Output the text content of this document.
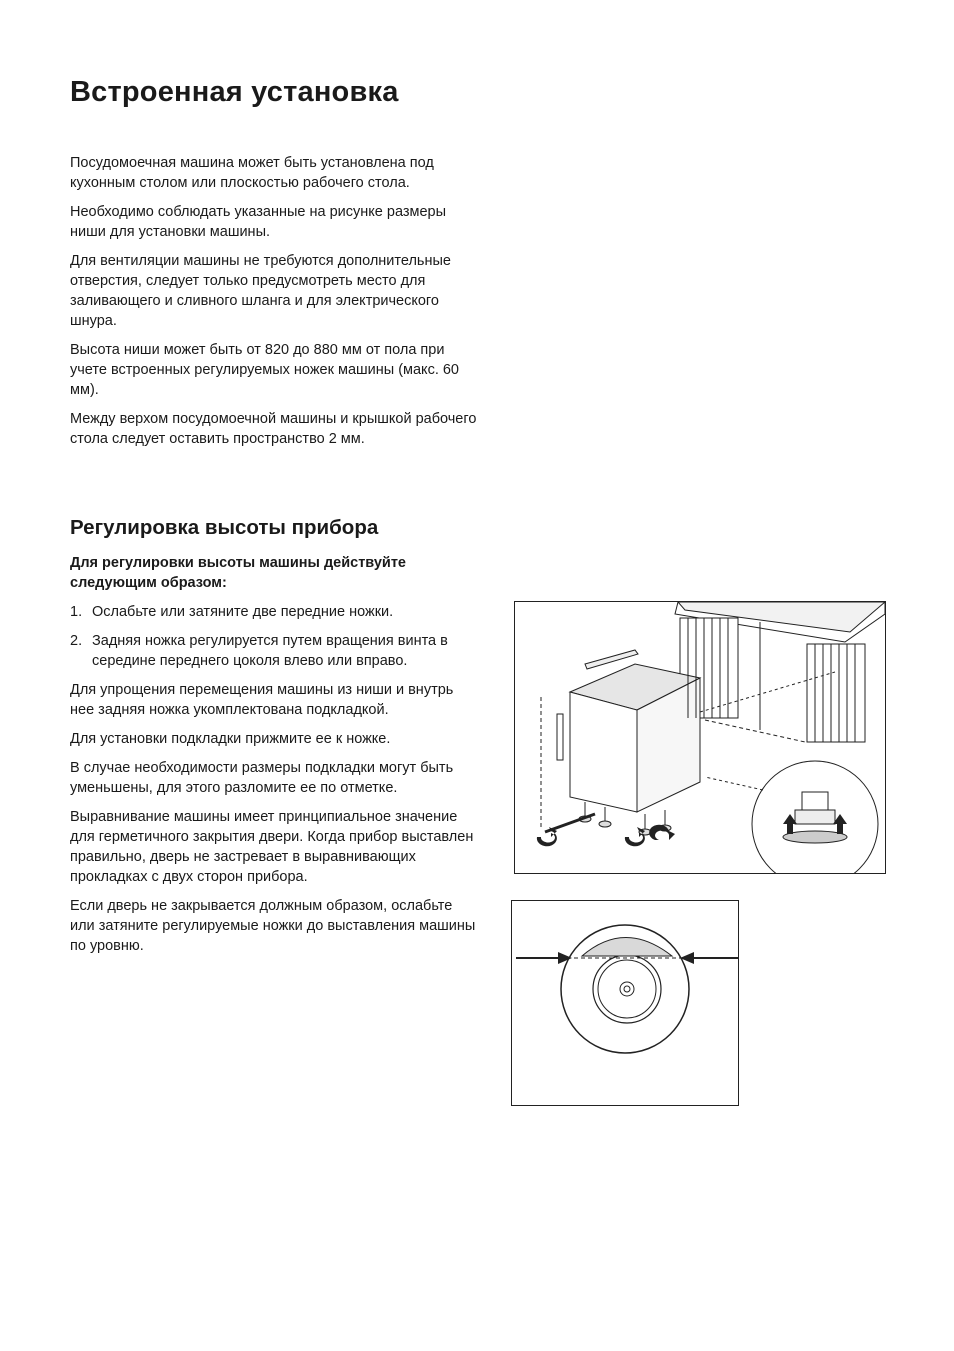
Встроенная установка

Посудомоечная машина может быть установлена под кухонным столом или плоскостью рабочего стола.

Необходимо соблюдать указанные на рисунке размеры ниши для установки машины.

Для вентиляции машины не требуются дополнительные отверстия, следует только предусмотреть место для заливающего и сливного шланга и для электрического шнура.

Высота ниши может быть от 820 до 880 мм от пола при учете встроенных регулируемых ножек машины (макс. 60 мм).

Между верхом посудомоечной машины и крышкой рабочего стола следует оставить пространство 2 мм.

Регулировка высоты прибора

Для регулировки высоты машины действуйте следующим образом:

1. Ослабьте или затяните две передние ножки.
2. Задняя ножка регулируется путем вращения винта в середине переднего цоколя влево или вправо.

Для упрощения перемещения машины из ниши и внутрь нее задняя ножка укомплектована подкладкой.

Для установки подкладки прижмите ее к ножке.

В случае необходимости размеры подкладки могут быть уменьшены, для этого разломите ее по отметке.

Выравнивание машины имеет принципиальное значение для герметичного закрытия двери. Когда прибор выставлен правильно, дверь не застревает в выравнивающих прокладках с двух сторон прибора.

Если дверь не закрывается должным образом, ослабьте или затяните регулируемые ножки до выставления машины по уровню.
